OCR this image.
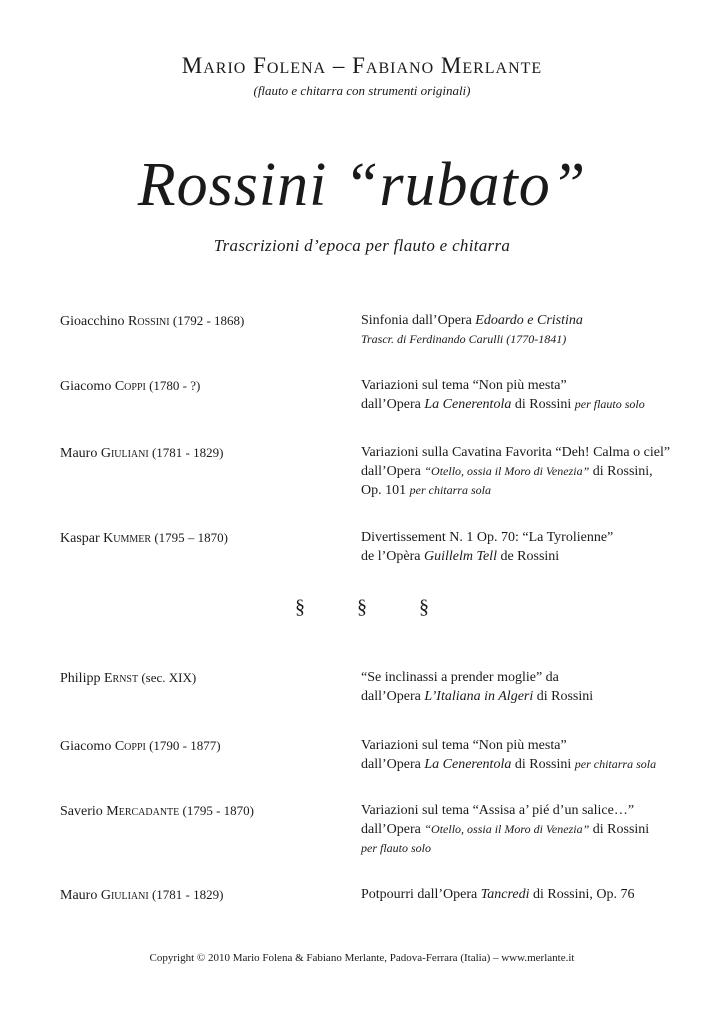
Mario Folena – Fabiano Merlante
(flauto e chitarra con strumenti originali)
Rossini “rubato”
Trascrizioni d’epoca per flauto e chitarra
Gioacchino Rossini (1792 - 1868)	Sinfonia dall’Opera Edoardo e Cristina
Trascr. di Ferdinando Carulli (1770-1841)
Giacomo Coppi (1780 - ?)	Variazioni sul tema “Non più mesta”
dall’Opera La Cenerentola di Rossini per flauto solo
Mauro Giuliani (1781 - 1829)	Variazioni sulla Cavatina Favorita “Deh! Calma o ciel”
dall’Opera “Otello, ossia il Moro di Venezia” di Rossini,
Op. 101 per chitarra sola
Kaspar Kummer (1795 – 1870)	Divertissement N. 1 Op. 70: “La Tyrolienne”
de l’Opèra Guillelm Tell de Rossini
§	§	§
Philipp Ernst (sec. XIX)	“Se inclinassi a prender moglie” da
dall’Opera L’Italiana in Algeri di Rossini
Giacomo Coppi (1790 - 1877)	Variazioni sul tema “Non più mesta”
dall’Opera La Cenerentola di Rossini per chitarra sola
Saverio Mercadante (1795 - 1870)	Variazioni sul tema “Assisa a’ pié d’un salice…”
dall’Opera “Otello, ossia il Moro di Venezia” di Rossini
per flauto solo
Mauro Giuliani (1781 - 1829)	Potpourri dall’Opera Tancredi di Rossini, Op. 76
Copyright © 2010 Mario Folena & Fabiano Merlante, Padova-Ferrara (Italia) – www.merlante.it
